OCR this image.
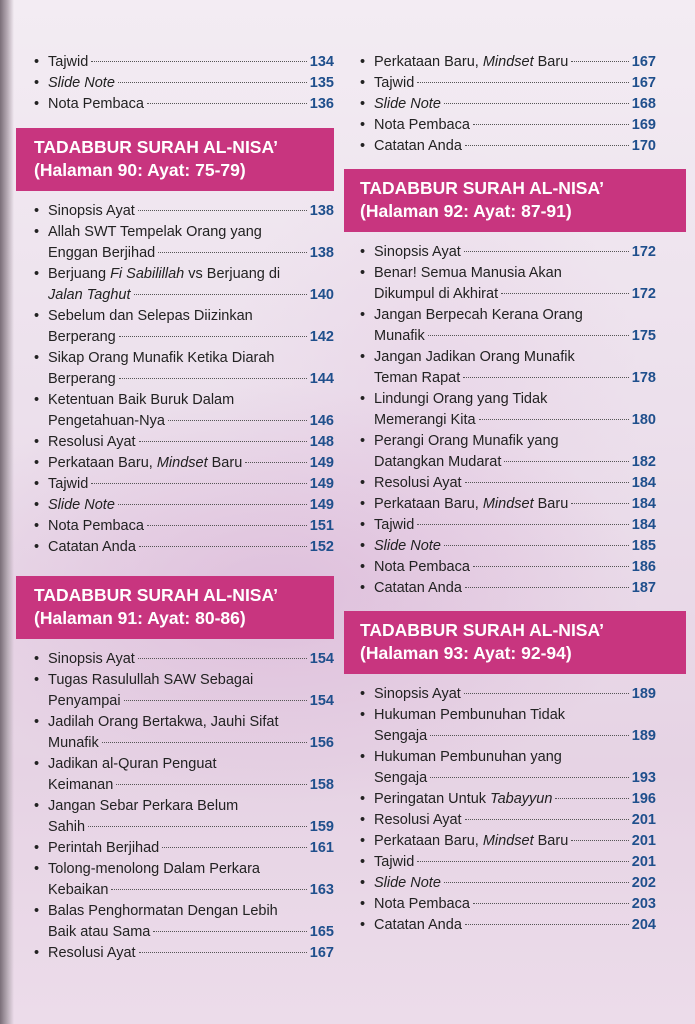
• Tajwid	134
• Slide Note	135
• Nota Pembaca	136
TADABBUR SURAH AL-NISA’
(Halaman 90: Ayat: 75-79)
• Sinopsis Ayat	138
• Allah SWT Tempelak Orang yang
Enggan Berjihad	138
• Berjuang Fi Sabilillah vs Berjuang di
Jalan Taghut	140
• Sebelum dan Selepas Diizinkan
Berperang	142
• Sikap Orang Munafik Ketika Diarah
Berperang	144
• Ketentuan Baik Buruk Dalam
Pengetahuan-Nya	146
• Resolusi Ayat	148
• Perkataan Baru, Mindset Baru	149
• Tajwid	149
• Slide Note	149
• Nota Pembaca	151
• Catatan Anda	152
TADABBUR SURAH AL-NISA’
(Halaman 91: Ayat: 80-86)
• Sinopsis Ayat	154
• Tugas Rasulullah SAW Sebagai
Penyampai	154
• Jadilah Orang Bertakwa, Jauhi Sifat
Munafik	156
• Jadikan al-Quran Penguat
Keimanan	158
• Jangan Sebar Perkara Belum
Sahih	159
• Perintah Berjihad	161
• Tolong-menolong Dalam Perkara
Kebaikan	163
• Balas Penghormatan Dengan Lebih
Baik atau Sama	165
• Resolusi Ayat	167
• Perkataan Baru, Mindset Baru	167
• Tajwid	167
• Slide Note	168
• Nota Pembaca	169
• Catatan Anda	170
TADABBUR SURAH AL-NISA’
(Halaman 92: Ayat: 87-91)
• Sinopsis Ayat	172
• Benar! Semua Manusia Akan
Dikumpul di Akhirat	172
• Jangan Berpecah Kerana Orang
Munafik	175
• Jangan Jadikan Orang Munafik
Teman Rapat	178
• Lindungi Orang yang Tidak
Memerangi Kita	180
• Perangi Orang Munafik yang
Datangkan Mudarat	182
• Resolusi Ayat	184
• Perkataan Baru, Mindset Baru	184
• Tajwid	184
• Slide Note	185
• Nota Pembaca	186
• Catatan Anda	187
TADABBUR SURAH AL-NISA’
(Halaman 93: Ayat: 92-94)
• Sinopsis Ayat	189
• Hukuman Pembunuhan Tidak
Sengaja	189
• Hukuman Pembunuhan yang
Sengaja	193
• Peringatan Untuk Tabayyun	196
• Resolusi Ayat	201
• Perkataan Baru, Mindset Baru	201
• Tajwid	201
• Slide Note	202
• Nota Pembaca	203
• Catatan Anda	204
